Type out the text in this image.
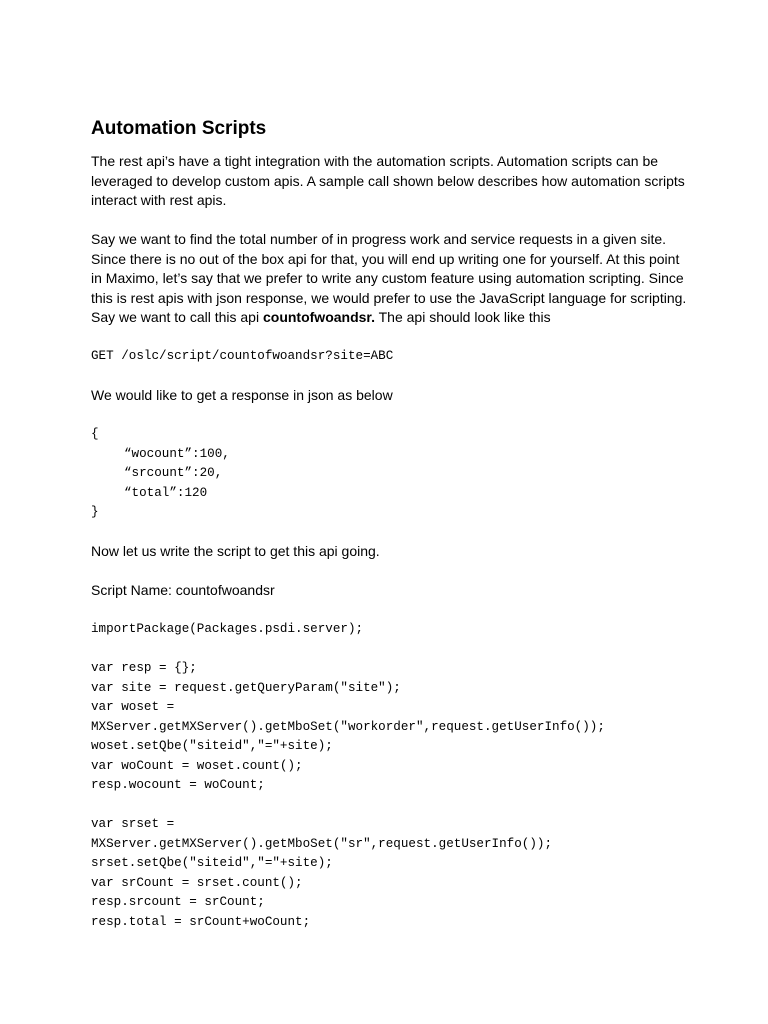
Automation Scripts

The rest api’s have a tight integration with the automation scripts. Automation scripts can be leveraged to develop custom apis. A sample call shown below describes how automation scripts interact with rest apis.

Say we want to find the total number of in progress work and service requests in a given site. Since there is no out of the box api for that, you will end up writing one for yourself. At this point in Maximo, let’s say that we prefer to write any custom feature using automation scripting. Since this is rest apis with json response, we would prefer to use the JavaScript language for scripting. Say we want to call this api countofwoandsr. The api should look like this

GET /oslc/script/countofwoandsr?site=ABC

We would like to get a response in json as below

{
“wocount”:100,
“srcount”:20,
“total”:120
}

Now let us write the script to get this api going.

Script Name: countofwoandsr

importPackage(Packages.psdi.server);
var resp = {};
var site = request.getQueryParam("site");
var woset =
MXServer.getMXServer().getMboSet("workorder",request.getUserInfo());
woset.setQbe("siteid","="+site);
var woCount = woset.count();
resp.wocount = woCount;
var srset =
MXServer.getMXServer().getMboSet("sr",request.getUserInfo());
srset.setQbe("siteid","="+site);
var srCount = srset.count();
resp.srcount = srCount;
resp.total = srCount+woCount;
